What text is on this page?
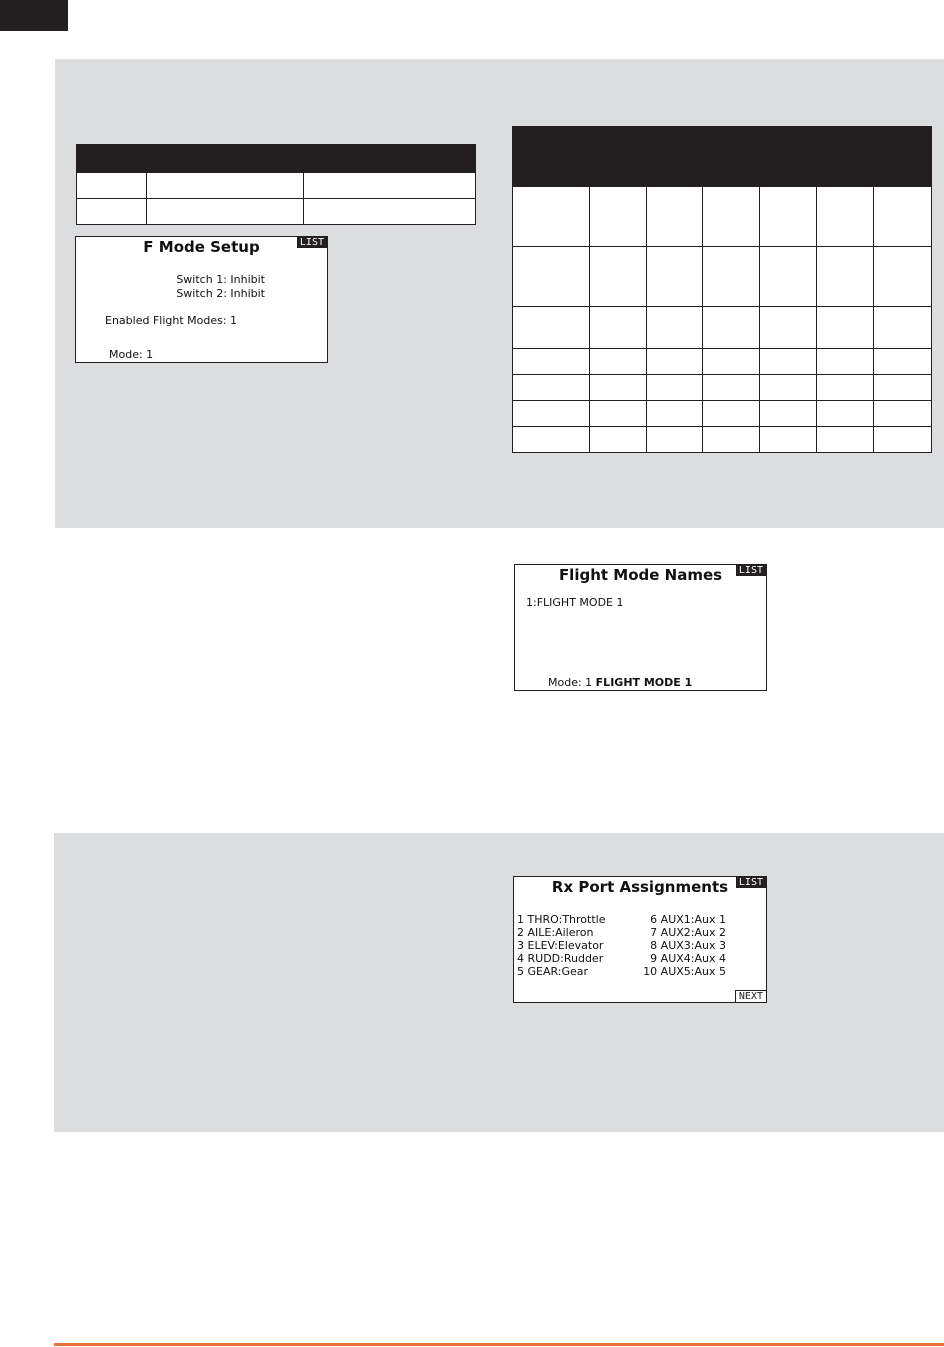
F Mode Setup	LIST
Switch 1: Inhibit
Switch 2: Inhibit
Enabled Flight Modes: 1
Mode: 1
Flight Mode Names	LIST
1:FLIGHT MODE 1
Mode: 1 FLIGHT MODE 1
Rx Port Assignments	LIST
1 THRO:Throttle
2 AILE:Aileron
3 ELEV:Elevator
4 RUDD:Rudder
5 GEAR:Gear
6 AUX1:Aux 1
7 AUX2:Aux 2
8 AUX3:Aux 3
9 AUX4:Aux 4
10 AUX5:Aux 5
NEXT
